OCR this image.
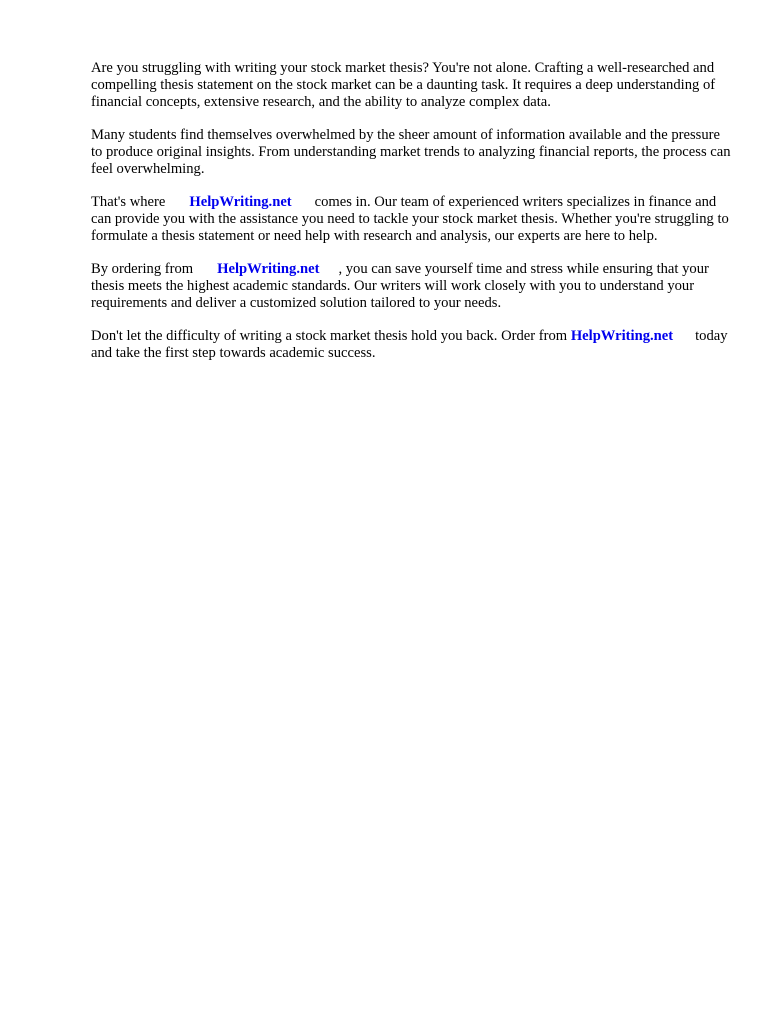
Are you struggling with writing your stock market thesis? You're not alone. Crafting a well-researched and compelling thesis statement on the stock market can be a daunting task. It requires a deep understanding of financial concepts, extensive research, and the ability to analyze complex data.

Many students find themselves overwhelmed by the sheer amount of information available and the pressure to produce original insights. From understanding market trends to analyzing financial reports, the process can feel overwhelming.

That's where HelpWriting.net comes in. Our team of experienced writers specializes in finance and can provide you with the assistance you need to tackle your stock market thesis. Whether you're struggling to formulate a thesis statement or need help with research and analysis, our experts are here to help.

By ordering from HelpWriting.net , you can save yourself time and stress while ensuring that your thesis meets the highest academic standards. Our writers will work closely with you to understand your requirements and deliver a customized solution tailored to your needs.

Don't let the difficulty of writing a stock market thesis hold you back. Order from HelpWriting.net today and take the first step towards academic success.
